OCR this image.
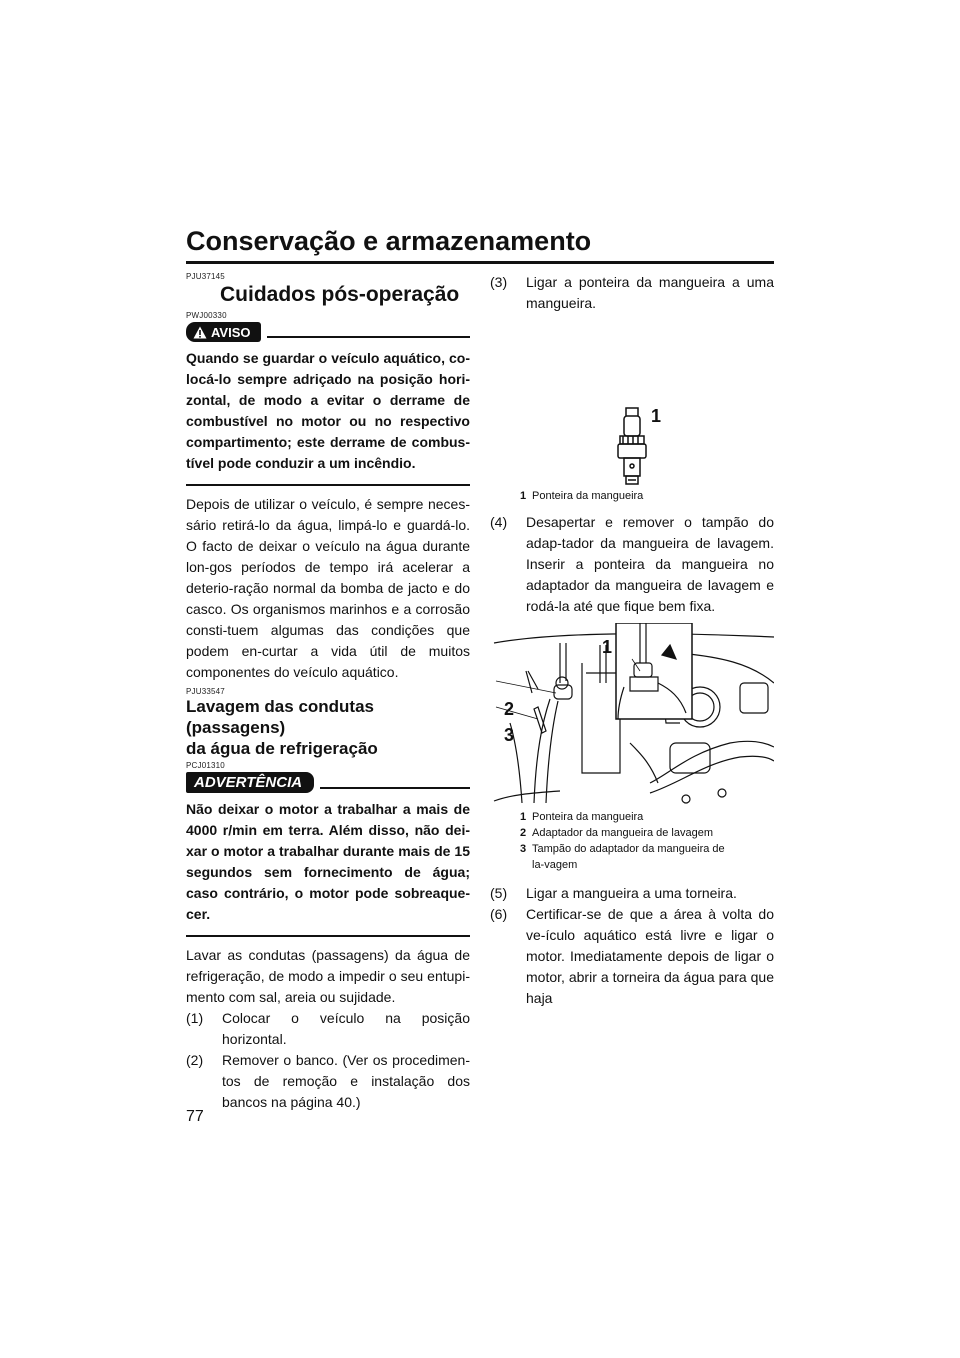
Conservação e armazenamento
PJU37145
Cuidados pós-operação
PWJ00330
AVISO

Quando se guardar o veículo aquático, co-locá-lo sempre adriçado na posição hori-zontal, de modo a evitar o derrame de combustível no motor ou no respectivo compartimento; este derrame de combus-tível pode conduzir a um incêndio.

Depois de utilizar o veículo, é sempre neces-sário retirá-lo da água, limpá-lo e guardá-lo. O facto de deixar o veículo na água durante lon-gos períodos de tempo irá acelerar a deterio-ração normal da bomba de jacto e do casco. Os organismos marinhos e a corrosão consti-tuem algumas das condições que podem en-curtar a vida útil de muitos componentes do veículo aquático.

PJU33547
Lavagem das condutas (passagens)
da água de refrigeração
PCJ01310
ADVERTÊNCIA

Não deixar o motor a trabalhar a mais de 4000 r/min em terra. Além disso, não dei-xar o motor a trabalhar durante mais de 15 segundos sem fornecimento de água; caso contrário, o motor pode sobreaque-cer.

Lavar as condutas (passagens) da água de refrigeração, de modo a impedir o seu entupi-mento com sal, areia ou sujidade.

(1)	Colocar o veículo na posição horizontal.
(2)	Remover o banco. (Ver os procedimen-tos de remoção e instalação dos bancos na página 40.)
(3)	Ligar a ponteira da mangueira a uma mangueira.
1
1 Ponteira da mangueira
(4)	Desapertar e remover o tampão do adap-tador da mangueira de lavagem. Inserir a ponteira da mangueira no adaptador da mangueira de lavagem e rodá-la até que fique bem fixa.
1
2
3
1 Ponteira da mangueira
2 Adaptador da mangueira de lavagem
3 Tampão do adaptador da mangueira de la-vagem
(5)	Ligar a mangueira a uma torneira.
(6)	Certificar-se de que a área à volta do ve-ículo aquático está livre e ligar o motor. Imediatamente depois de ligar o motor, abrir a torneira da água para que haja
77
